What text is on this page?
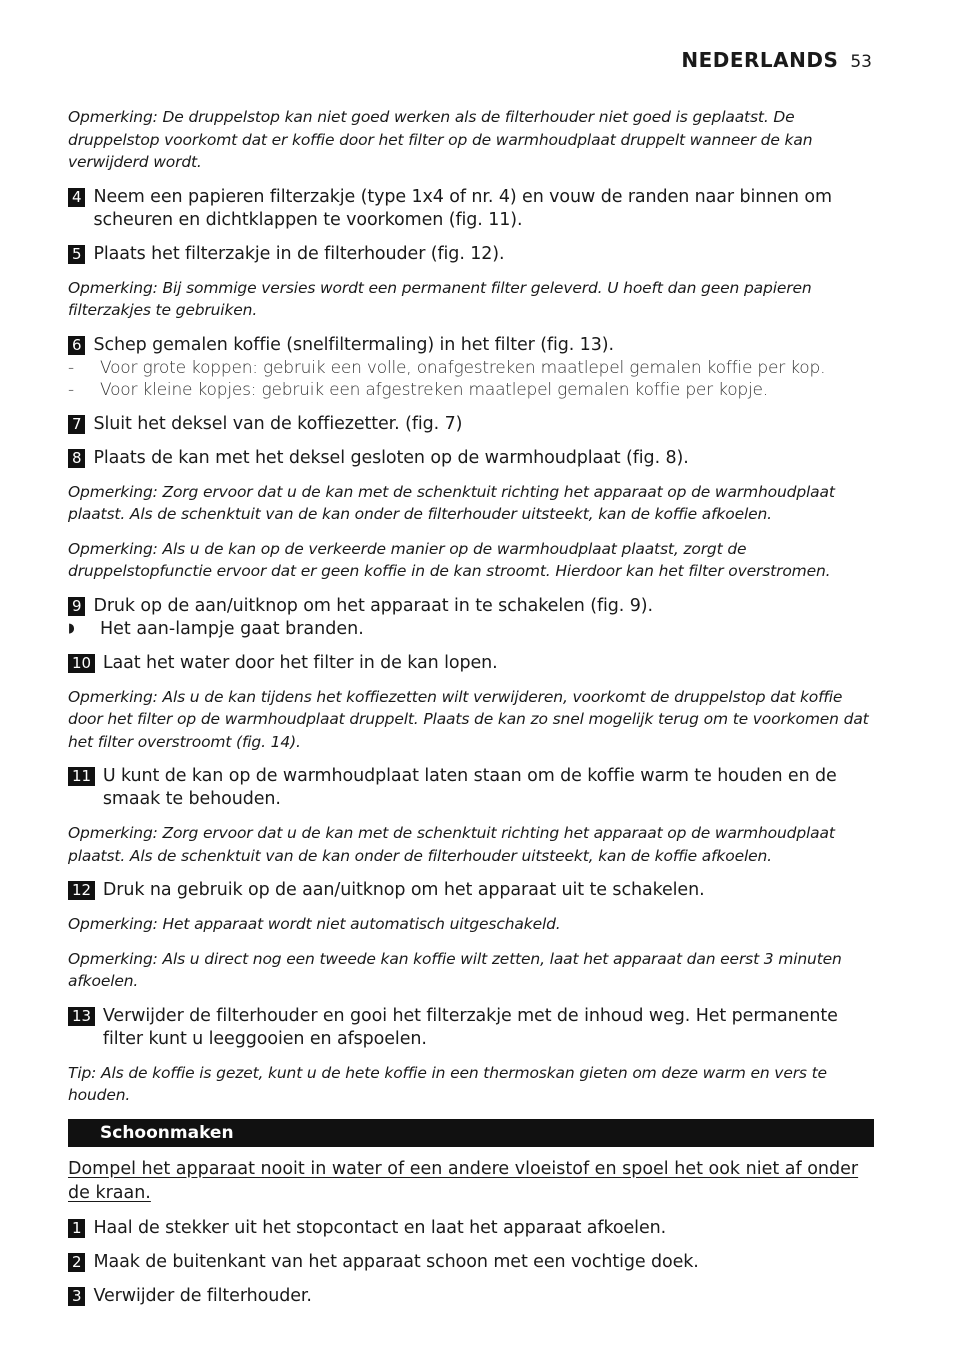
NEDERLANDS 53

Opmerking: De druppelstop kan niet goed werken als de filterhouder niet goed is geplaatst. De druppelstop voorkomt dat er koffie door het filter op de warmhoudplaat druppelt wanneer de kan verwijderd wordt.

4 Neem een papieren filterzakje (type 1x4 of nr. 4) en vouw de randen naar binnen om scheuren en dichtklappen te voorkomen (fig. 11).
5 Plaats het filterzakje in de filterhouder (fig. 12).

Opmerking: Bij sommige versies wordt een permanent filter geleverd. U hoeft dan geen papieren filterzakjes te gebruiken.

6 Schep gemalen koffie (snelfiltermaling) in het filter (fig. 13).
-	Voor grote koppen: gebruik een volle, onafgestreken maatlepel gemalen koffie per kop.
-	Voor kleine kopjes: gebruik een afgestreken maatlepel gemalen koffie per kopje.
7 Sluit het deksel van de koffiezetter. (fig. 7)
8 Plaats de kan met het deksel gesloten op de warmhoudplaat (fig. 8).

Opmerking: Zorg ervoor dat u de kan met de schenktuit richting het apparaat op de warmhoudplaat plaatst. Als de schenktuit van de kan onder de filterhouder uitsteekt, kan de koffie afkoelen.

Opmerking: Als u de kan op de verkeerde manier op de warmhoudplaat plaatst, zorgt de druppelstopfunctie ervoor dat er geen koffie in de kan stroomt. Hierdoor kan het filter overstromen.

9 Druk op de aan/uitknop om het apparaat in te schakelen (fig. 9).
◗	Het aan-lampje gaat branden.
10 Laat het water door het filter in de kan lopen.

Opmerking: Als u de kan tijdens het koffiezetten wilt verwijderen, voorkomt de druppelstop dat koffie door het filter op de warmhoudplaat druppelt. Plaats de kan zo snel mogelijk terug om te voorkomen dat het filter overstroomt (fig. 14).

11 U kunt de kan op de warmhoudplaat laten staan om de koffie warm te houden en de smaak te behouden.

Opmerking: Zorg ervoor dat u de kan met de schenktuit richting het apparaat op de warmhoudplaat plaatst. Als de schenktuit van de kan onder de filterhouder uitsteekt, kan de koffie afkoelen.

12 Druk na gebruik op de aan/uitknop om het apparaat uit te schakelen.

Opmerking: Het apparaat wordt niet automatisch uitgeschakeld.

Opmerking: Als u direct nog een tweede kan koffie wilt zetten, laat het apparaat dan eerst 3 minuten afkoelen.

13 Verwijder de filterhouder en gooi het filterzakje met de inhoud weg. Het permanente filter kunt u leeggooien en afspoelen.

Tip: Als de koffie is gezet, kunt u de hete koffie in een thermoskan gieten om deze warm en vers te houden.

Schoonmaken

Dompel het apparaat nooit in water of een andere vloeistof en spoel het ook niet af onder de kraan.

1 Haal de stekker uit het stopcontact en laat het apparaat afkoelen.
2 Maak de buitenkant van het apparaat schoon met een vochtige doek.
3 Verwijder de filterhouder.
